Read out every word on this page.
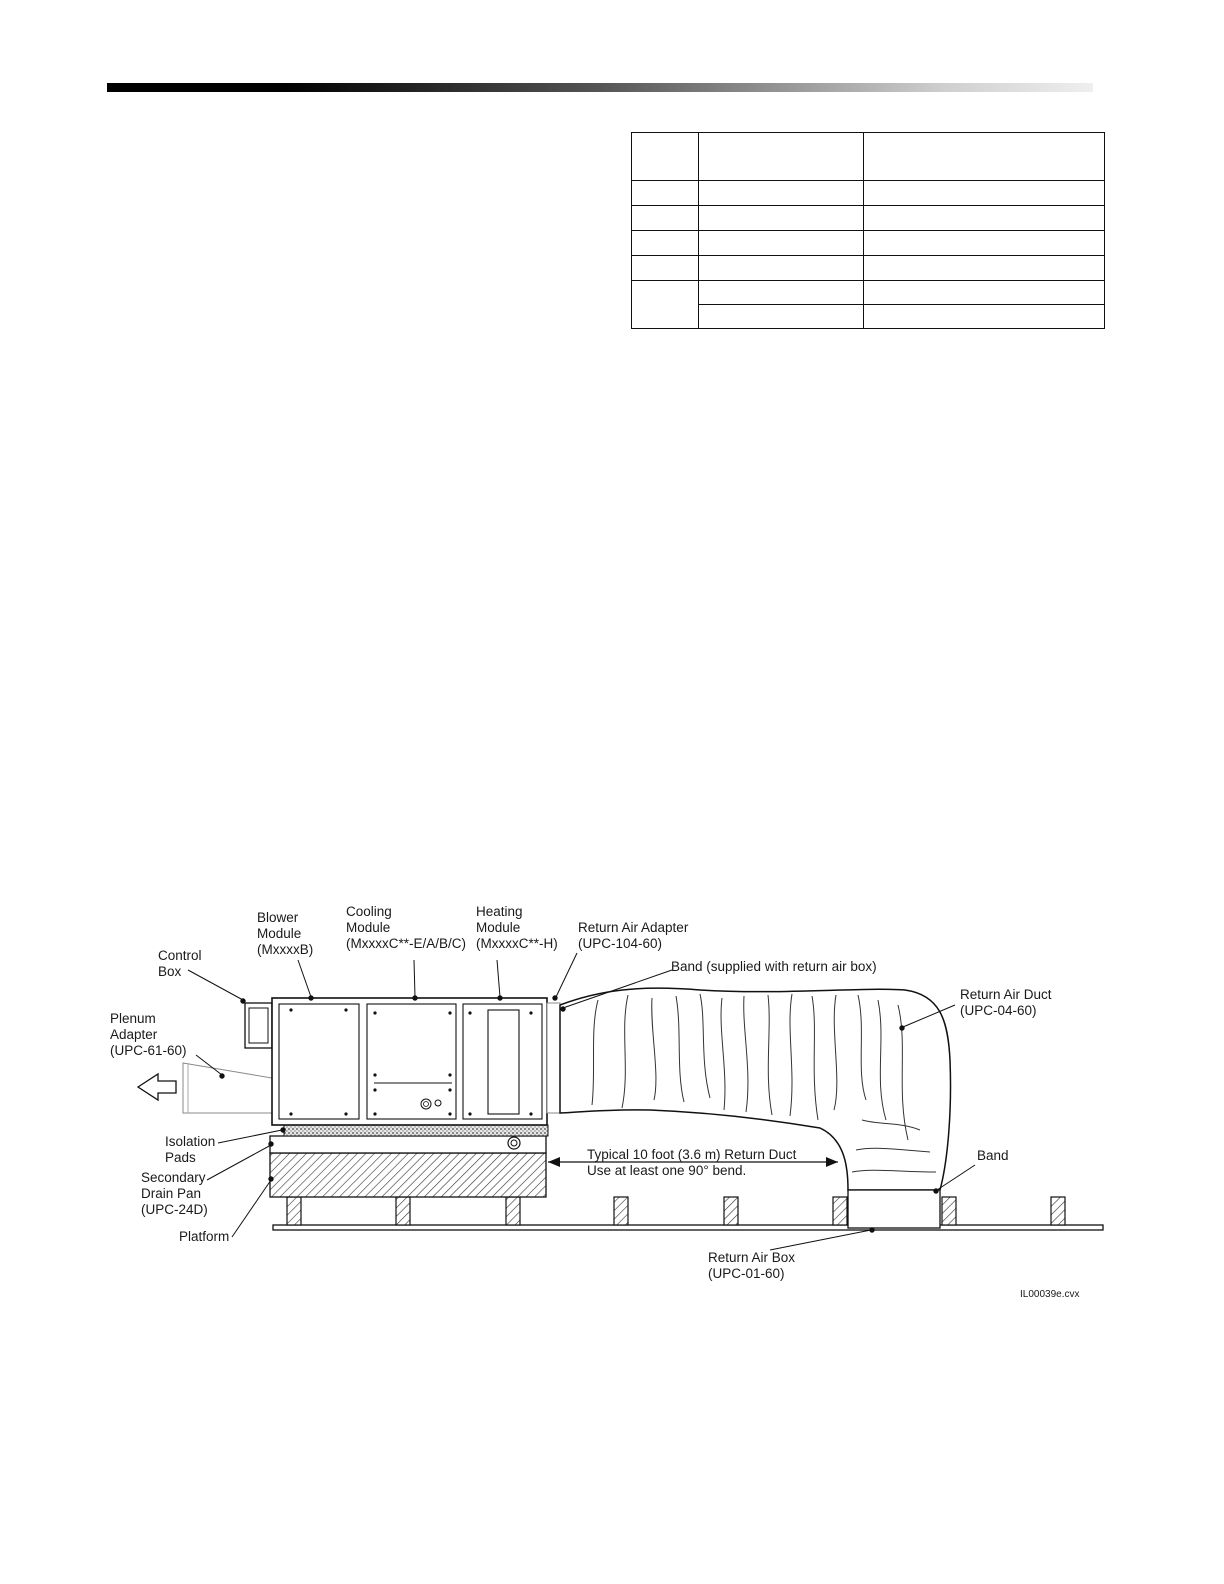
Control Box
Blower Module (MxxxxB)
Cooling Module (MxxxxC**-E/A/B/C)
Heating Module (MxxxxC**-H)
Return Air Adapter (UPC-104-60)
Band (supplied with return air box)
Return Air Duct (UPC-04-60)
Plenum Adapter (UPC-61-60)
Isolation Pads
Secondary Drain Pan (UPC-24D)
Platform
Typical 10 foot (3.6 m) Return Duct Use at least one 90° bend.
Band
Return Air Box (UPC-01-60)
IL00039e.cvx
